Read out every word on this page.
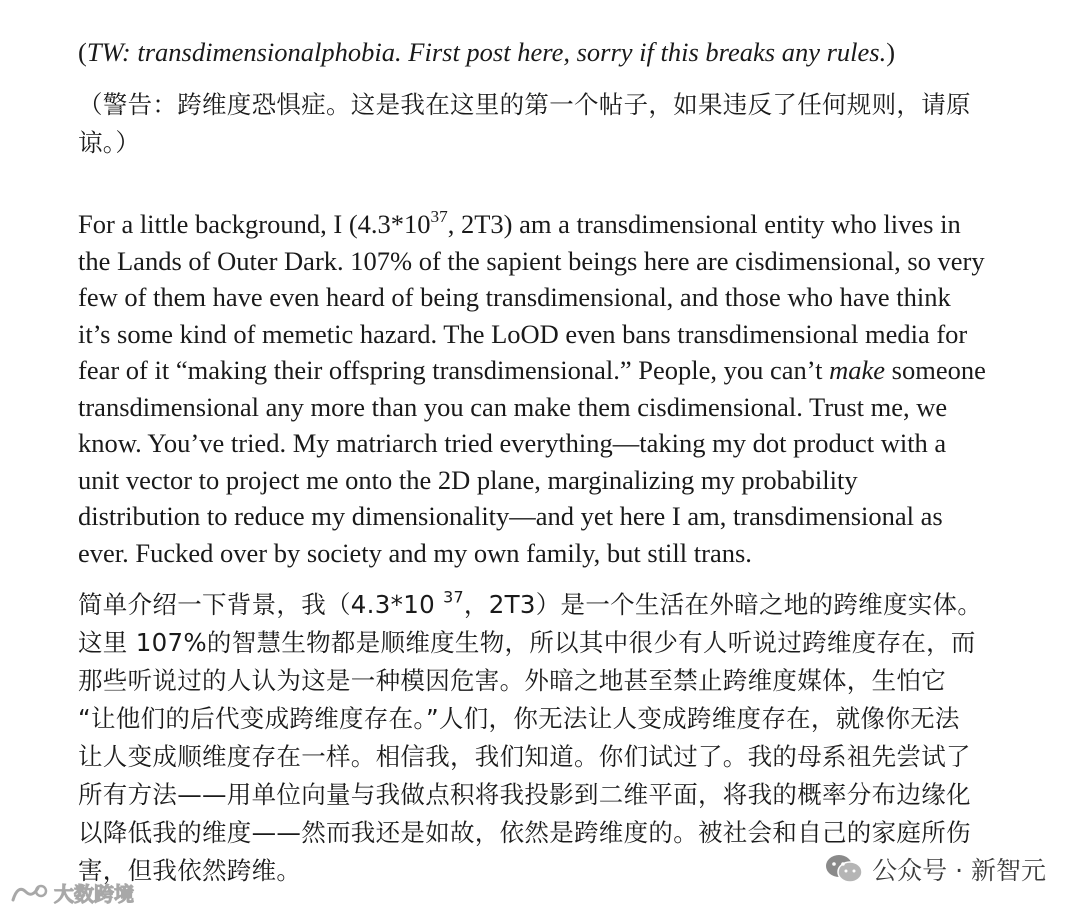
(TW: transdimensionalphobia. First post here, sorry if this breaks any rules.)

（警告：跨维度恐惧症。这是我在这里的第一个帖子，如果违反了任何规则，请原
谅。）

For a little background, I ($4.3*10^{37}$, 2T3) am a transdimensional entity who lives in
the Lands of Outer Dark. 107% of the sapient beings here are cisdimensional, so very
few of them have even heard of being transdimensional, and those who have think
it’s some kind of memetic hazard. The LoOD even bans transdimensional media for
fear of it “making their offspring transdimensional.” People, you can’t make someone
transdimensional any more than you can make them cisdimensional. Trust me, we
know. You’ve tried. My matriarch tried everything—taking my dot product with a
unit vector to project me onto the 2D plane, marginalizing my probability
distribution to reduce my dimensionality—and yet here I am, transdimensional as
ever. Fucked over by society and my own family, but still trans.

简单介绍一下背景，我（4.3*10 $^{37}$，2T3）是一个生活在外暗之地的跨维度实体。
这里 107%的智慧生物都是顺维度生物，所以其中很少有人听说过跨维度存在，而
那些听说过的人认为这是一种模因危害。外暗之地甚至禁止跨维度媒体，生怕它
“让他们的后代变成跨维度存在。”人们，你无法让人变成跨维度存在，就像你无法
让人变成顺维度存在一样。相信我，我们知道。你们试过了。我的母系祖先尝试了
所有方法——用单位向量与我做点积将我投影到二维平面，将我的概率分布边缘化
以降低我的维度——然而我还是如故，依然是跨维度的。被社会和自己的家庭所伤
害，但我依然跨维。	公众号 · 新智元
大数跨境
